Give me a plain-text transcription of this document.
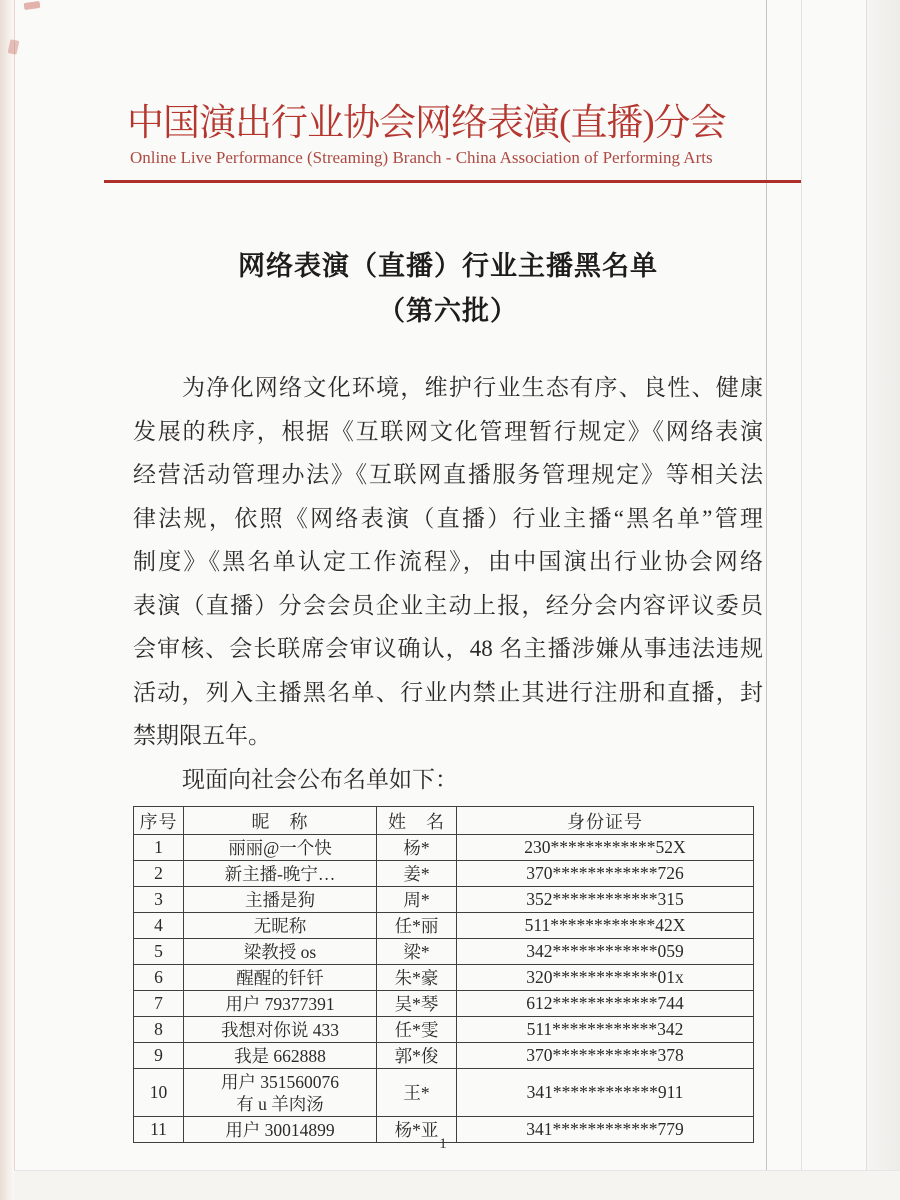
中国演出行业协会网络表演(直播)分会
Online Live Performance (Streaming) Branch - China Association of Performing Arts
网络表演（直播）行业主播黑名单
（第六批）
为净化网络文化环境，维护行业生态有序、良性、健康
发展的秩序，根据《互联网文化管理暂行规定》《网络表演
经营活动管理办法》《互联网直播服务管理规定》等相关法
律法规，依照《网络表演（直播）行业主播“黑名单”管理
制度》《黑名单认定工作流程》，由中国演出行业协会网络
表演（直播）分会会员企业主动上报，经分会内容评议委员
会审核、会长联席会审议确认，48 名主播涉嫌从事违法违规
活动，列入主播黑名单、行业内禁止其进行注册和直播，封
禁期限五年。
现面向社会公布名单如下：
序号	昵　称	姓　名	身份证号
1	丽丽@一个快	杨*	230************52X
2	新主播-晚宁…	姜*	370************726
3	主播是狗	周*	352************315
4	无昵称	任*丽	511************42X
5	梁教授 os	梁*	342************059
6	醒醒的钎钎	朱*豪	320************01x
7	用户 79377391	吴*琴	612************744
8	我想对你说 433	任*雯	511************342
9	我是 662888	郭*俊	370************378
10	用户 351560076
有 u 羊肉汤	王*	341************911
11	用户 30014899	杨*亚	341************779
1
